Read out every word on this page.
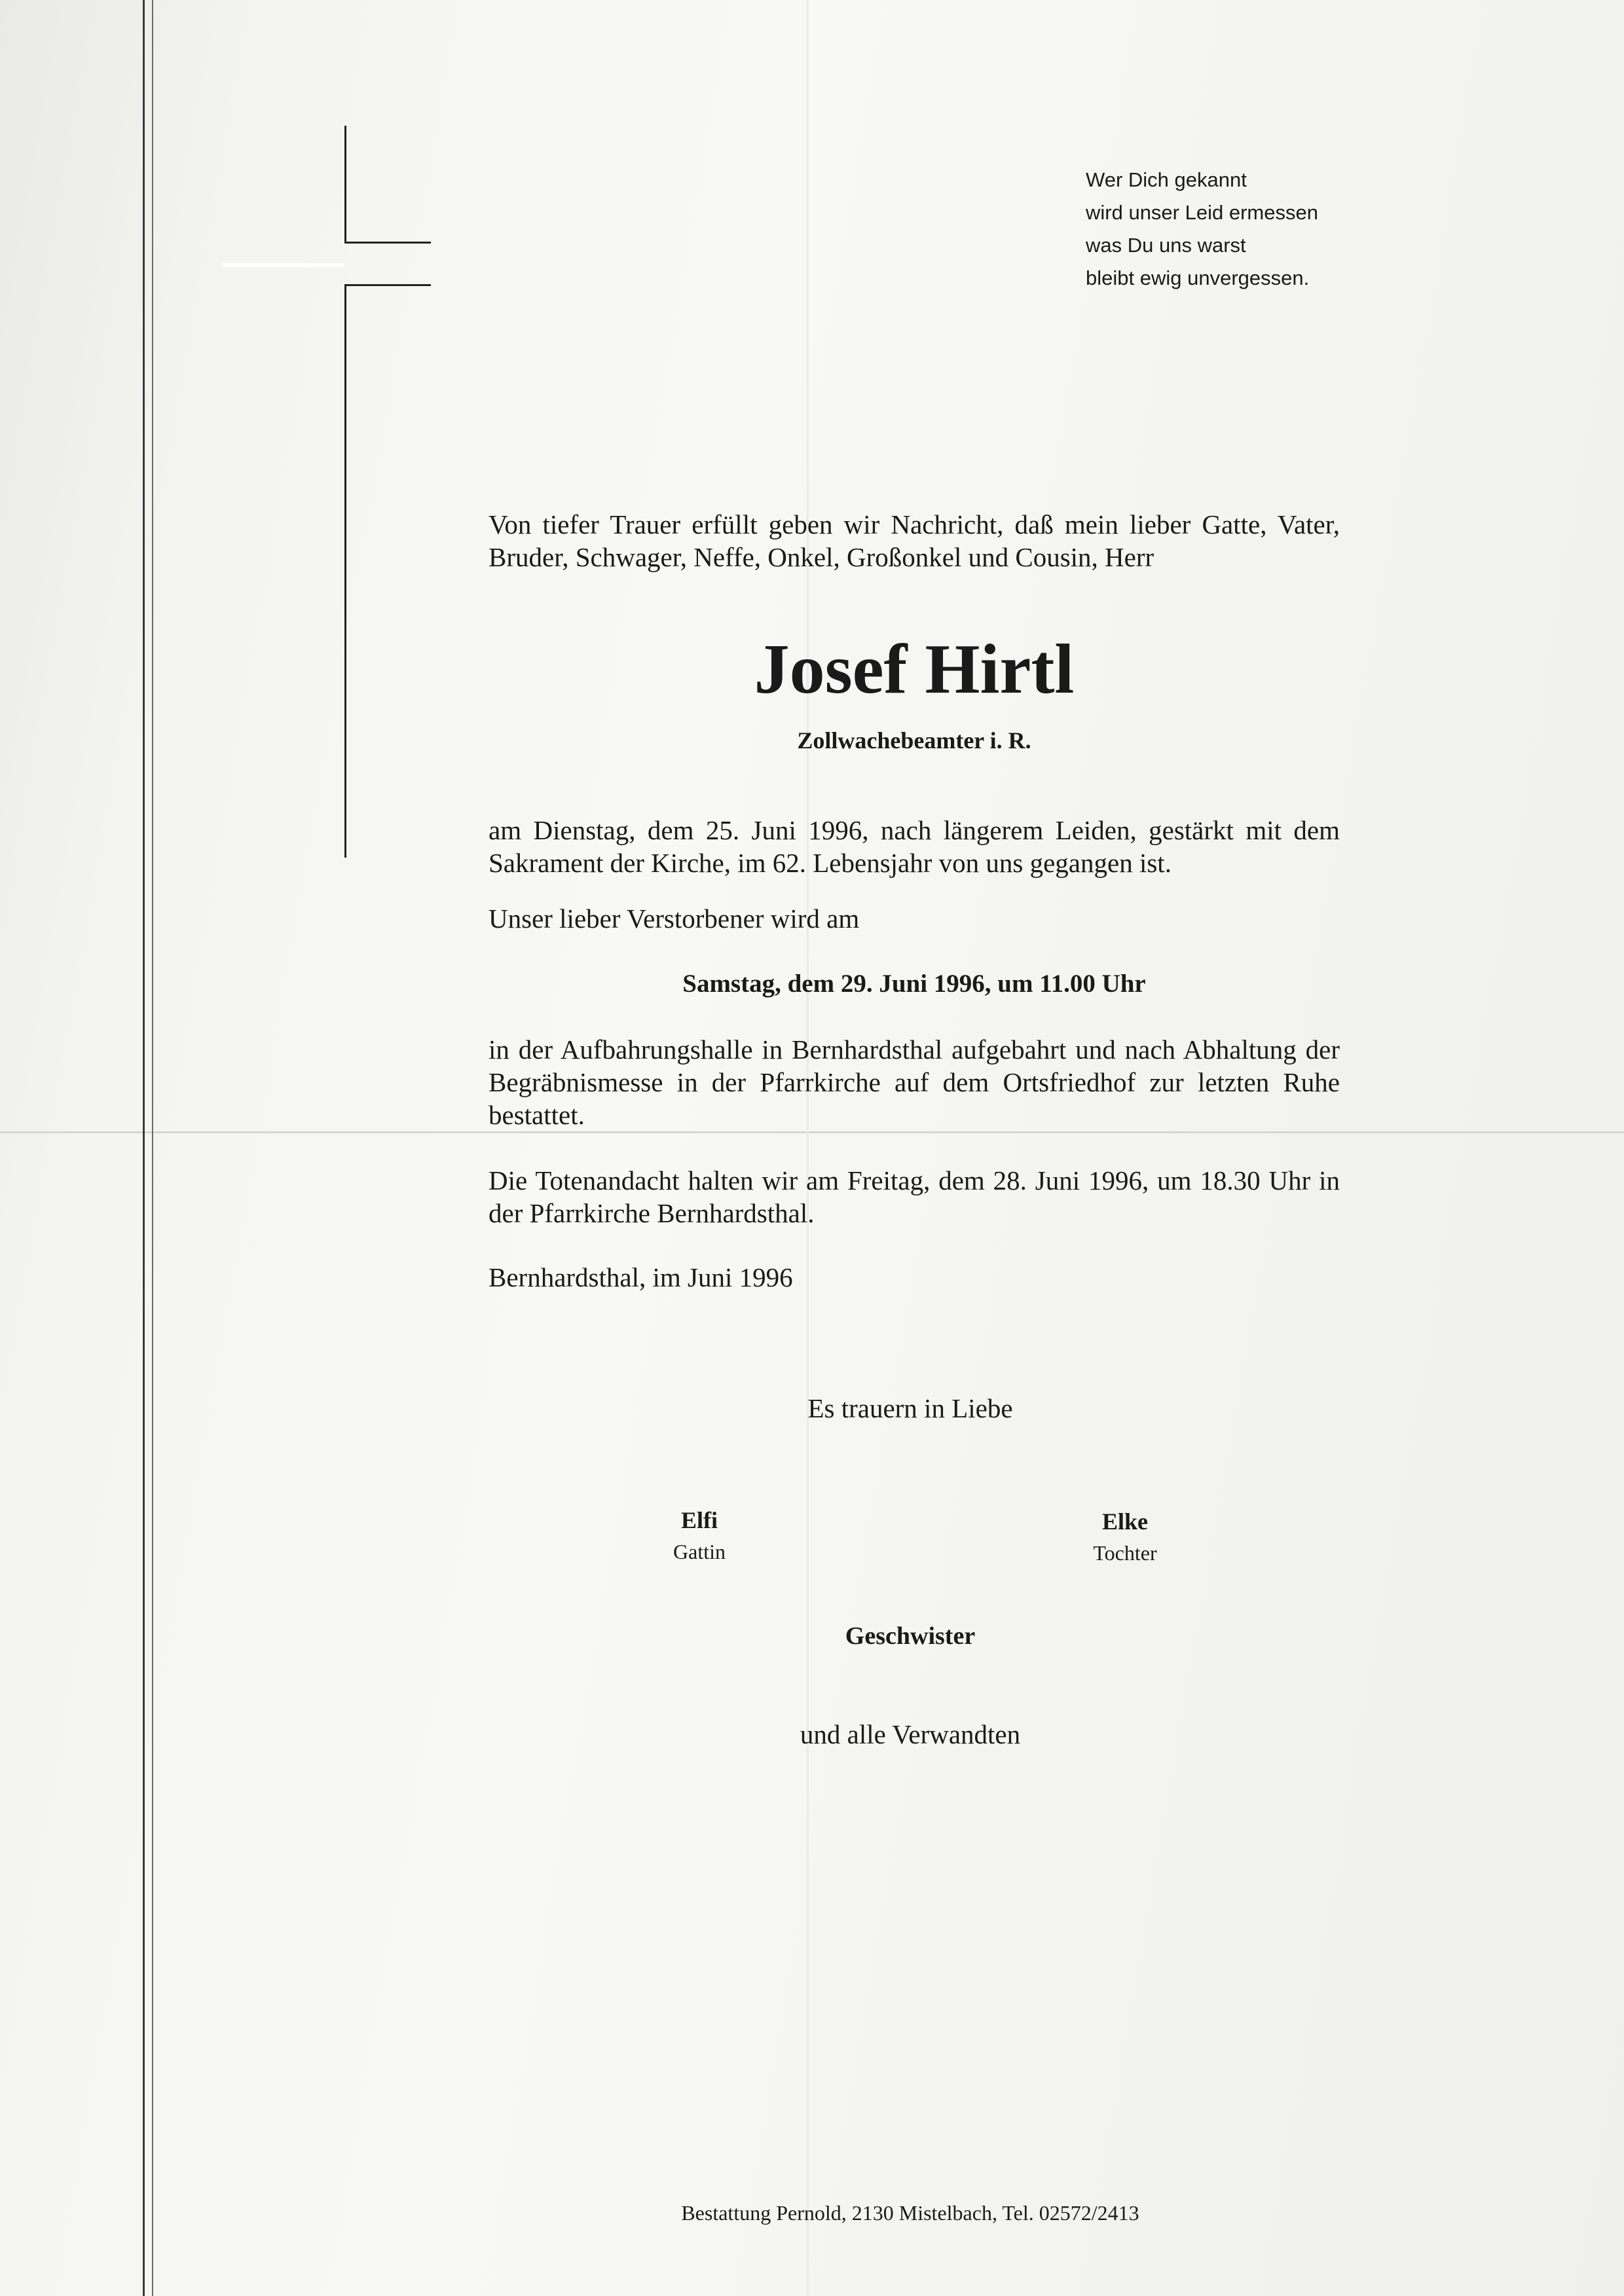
Wer Dich gekannt
wird unser Leid ermessen
was Du uns warst
bleibt ewig unvergessen.
Von tiefer Trauer erfüllt geben wir Nachricht, daß mein lieber Gatte, Vater, Bruder, Schwager, Neffe, Onkel, Großonkel und Cousin, Herr
Josef Hirtl
Zollwachebeamter i. R.
am Dienstag, dem 25. Juni 1996, nach längerem Leiden, gestärkt mit dem Sakrament der Kirche, im 62. Lebensjahr von uns gegangen ist.
Unser lieber Verstorbener wird am
Samstag, dem 29. Juni 1996, um 11.00 Uhr
in der Aufbahrungshalle in Bernhardsthal aufgebahrt und nach Abhaltung der Begräbnismesse in der Pfarrkirche auf dem Ortsfriedhof zur letzten Ruhe bestattet.
Die Totenandacht halten wir am Freitag, dem 28. Juni 1996, um 18.30 Uhr in der Pfarrkirche Bernhardsthal.
Bernhardsthal, im Juni 1996
Es trauern in Liebe
Elfi
Gattin
Elke
Tochter
Geschwister
und alle Verwandten
Bestattung Pernold, 2130 Mistelbach, Tel. 02572/2413
